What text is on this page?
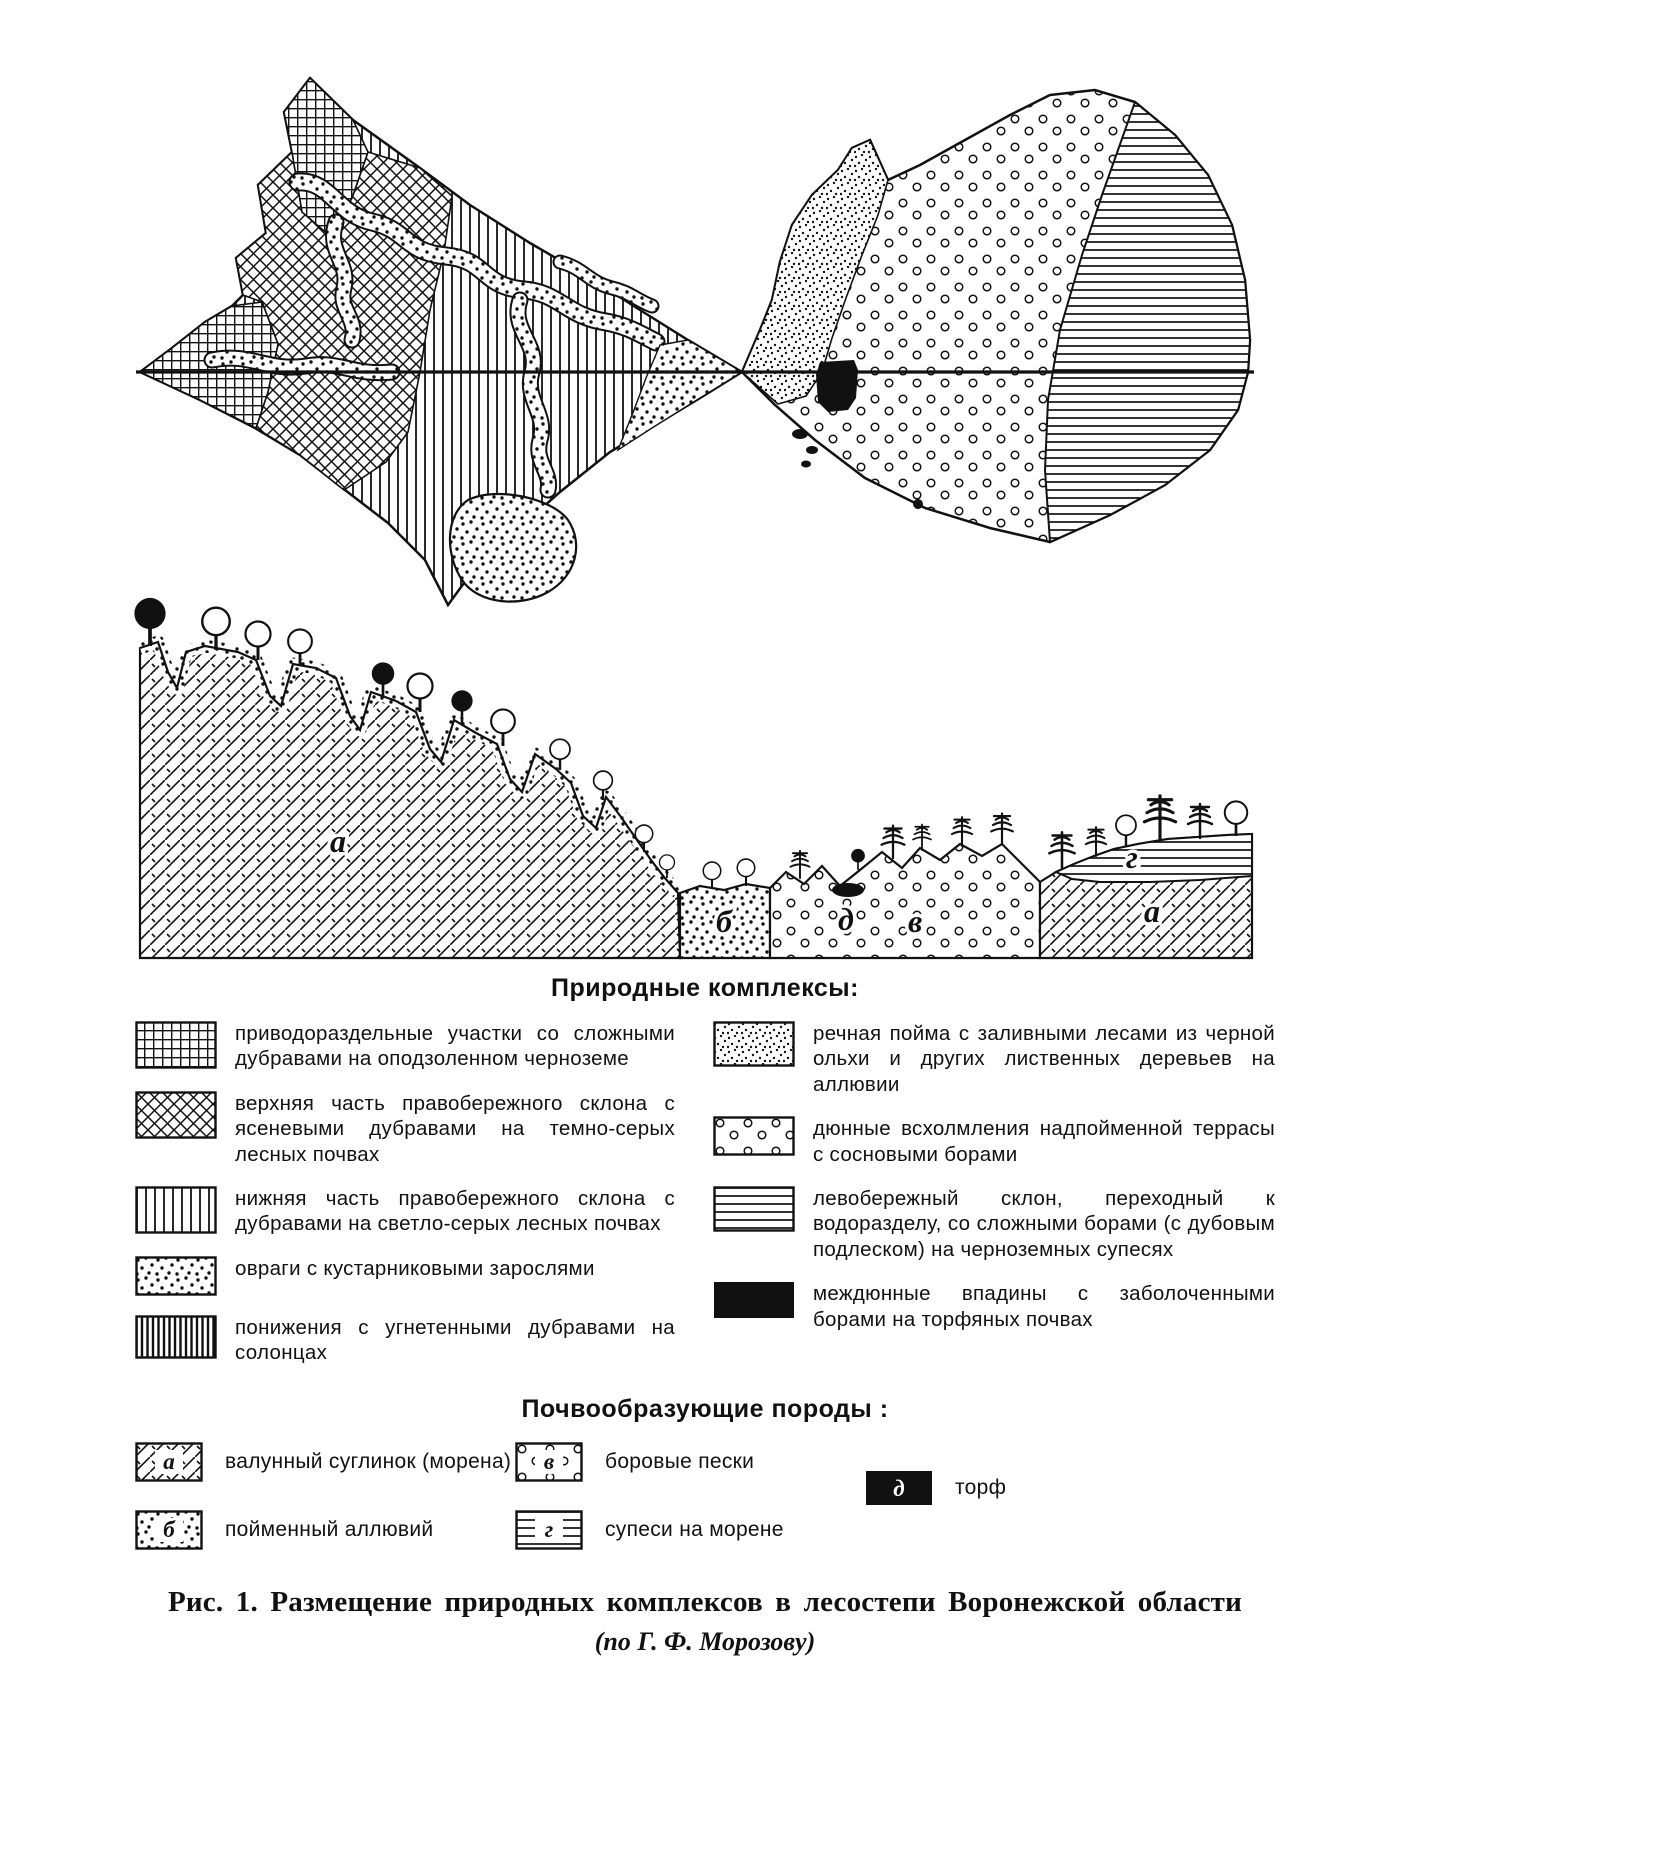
а
б	д в
г
а
Природные комплексы:
приводораздельные участки со сложными дубравами на оподзоленном черноземе
верхняя часть правобережного склона с ясеневыми дубравами на темно-серых лесных почвах
нижняя часть правобережного склона с дубравами на светло-серых лесных почвах
овраги с кустарниковыми зарослями
понижения с угнетенными дубравами на солонцах
речная пойма с заливными лесами из черной ольхи и других лиственных деревьев на аллювии
дюнные всхолмления надпойменной террасы с сосновыми борами
левобережный склон, переходный к водоразделу, со сложными борами (с дубовым подлеском) на черноземных супесях
междюнные впадины с заболоченными борами на торфяных почвах
Почвообразующие породы :
а валунный суглинок (морена)
б пойменный аллювий
в боровые пески
г супеси на морене
д торф
Рис. 1. Размещение природных комплексов в лесостепи Воронежской области
(по Г. Ф. Морозову)
